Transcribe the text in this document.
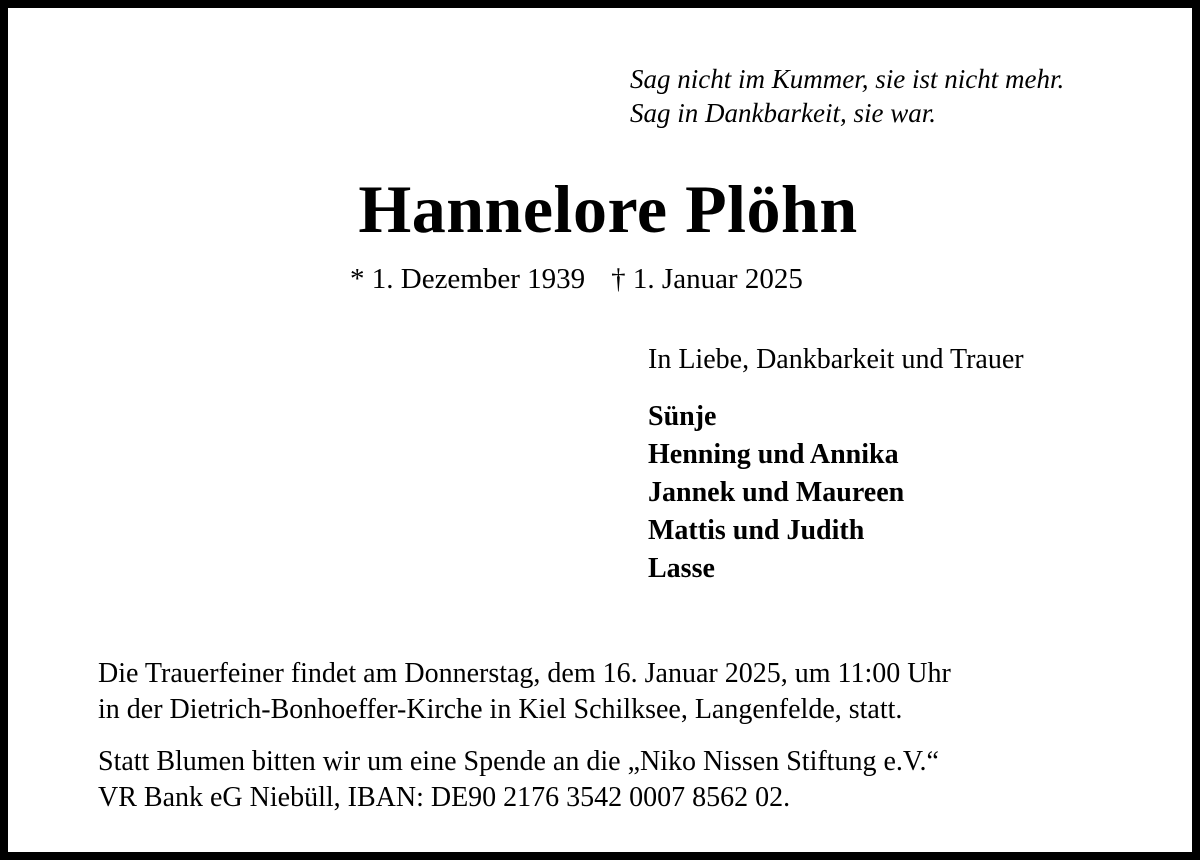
Sag nicht im Kummer, sie ist nicht mehr.
Sag in Dankbarkeit, sie war.
Hannelore Plöhn
* 1. Dezember 1939 † 1. Januar 2025
In Liebe, Dankbarkeit und Trauer
Sünje
Henning und Annika
Jannek und Maureen
Mattis und Judith
Lasse
Die Trauerfeiner findet am Donnerstag, dem 16. Januar 2025, um 11:00 Uhr
in der Dietrich-Bonhoeffer-Kirche in Kiel Schilksee, Langenfelde, statt.
Statt Blumen bitten wir um eine Spende an die „Niko Nissen Stiftung e.V.“
VR Bank eG Niebüll, IBAN: DE90 2176 3542 0007 8562 02.
